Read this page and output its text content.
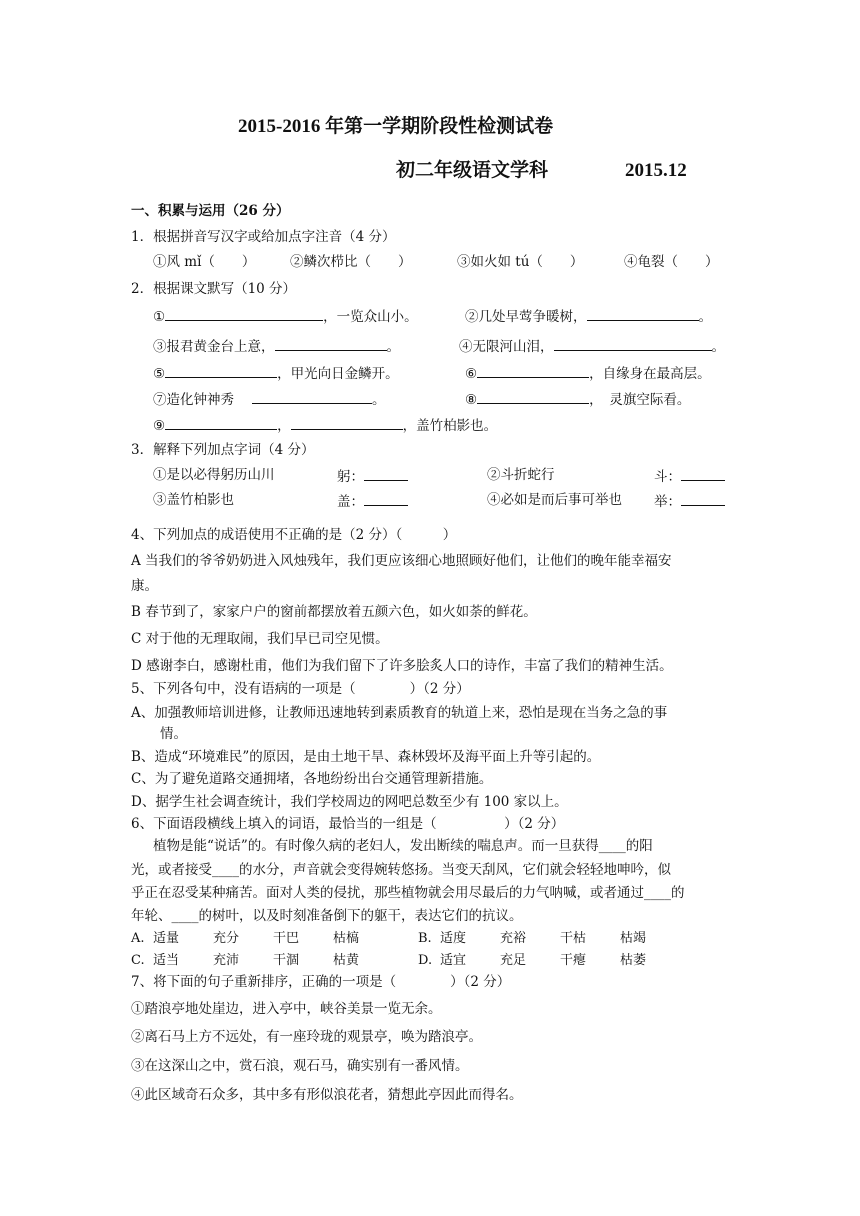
2015-2016 年第一学期阶段性检测试卷
初二年级语文学科	2015.12
一、积累与运用（26 分）
1．根据拼音写汉字或给加点字注音（4 分）
①风 mǐ（　　）	②鳞次栉比（　　）	③如火如 tú（　　）	④龟裂（　　）
2．根据课文默写（10 分）
①	，一览众山小。	②几处早莺争暖树，	。
③报君黄金台上意，	。	④无限河山泪，	。
⑤	，甲光向日金鳞开。	⑥	，自缘身在最高层。
⑦造化钟神秀	。	⑧	，　灵旗空际看。
⑨	，	，盖竹柏影也。
3．解释下列加点字词（4 分）
①是以必得躬历山川	躬：	②斗折蛇行	斗：
③盖竹柏影也	盖：	④必如是而后事可举也 举：
4、下列加点的成语使用不正确的是（2 分）（　　　）
A 当我们的爷爷奶奶进入风烛残年，我们更应该细心地照顾好他们，让他们的晚年能幸福安
康。
B 春节到了，家家户户的窗前都摆放着五颜六色，如火如荼的鲜花。
C 对于他的无理取闹，我们早已司空见惯。
D 感谢李白，感谢杜甫，他们为我们留下了许多脍炙人口的诗作，丰富了我们的精神生活。
5、下列各句中，没有语病的一项是（　　　　）（2 分）
A、加强教师培训进修，让教师迅速地转到素质教育的轨道上来，恐怕是现在当务之急的事
情。
B、造成“环境难民”的原因，是由土地干旱、森林毁坏及海平面上升等引起的。
C、为了避免道路交通拥堵，各地纷纷出台交通管理新措施。
D、据学生社会调查统计，我们学校周边的网吧总数至少有 100 家以上。
6、下面语段横线上填入的词语，最恰当的一组是（　　　　　）（2 分）
植物是能“说话”的。有时像久病的老妇人，发出断续的喘息声。而一旦获得____的阳
光，或者接受____的水分，声音就会变得婉转悠扬。当变天刮风，它们就会轻轻地呻吟，似
乎正在忍受某种痛苦。面对人类的侵扰，那些植物就会用尽最后的力气呐喊，或者通过____的
年轮、____的树叶，以及时刻准备倒下的躯干，表达它们的抗议。
A. 适量	充分	干巴	枯槁	B. 适度	充裕	干枯	枯竭
C. 适当	充沛	干涸	枯黄	D. 适宜	充足	干瘪	枯萎
7、将下面的句子重新排序，正确的一项是（　　　　）（2 分）
①踏浪亭地处崖边，进入亭中，峡谷美景一览无余。
②离石马上方不远处，有一座玲珑的观景亭，唤为踏浪亭。
③在这深山之中，赏石浪，观石马，确实别有一番风情。
④此区域奇石众多，其中多有形似浪花者，猜想此亭因此而得名。
